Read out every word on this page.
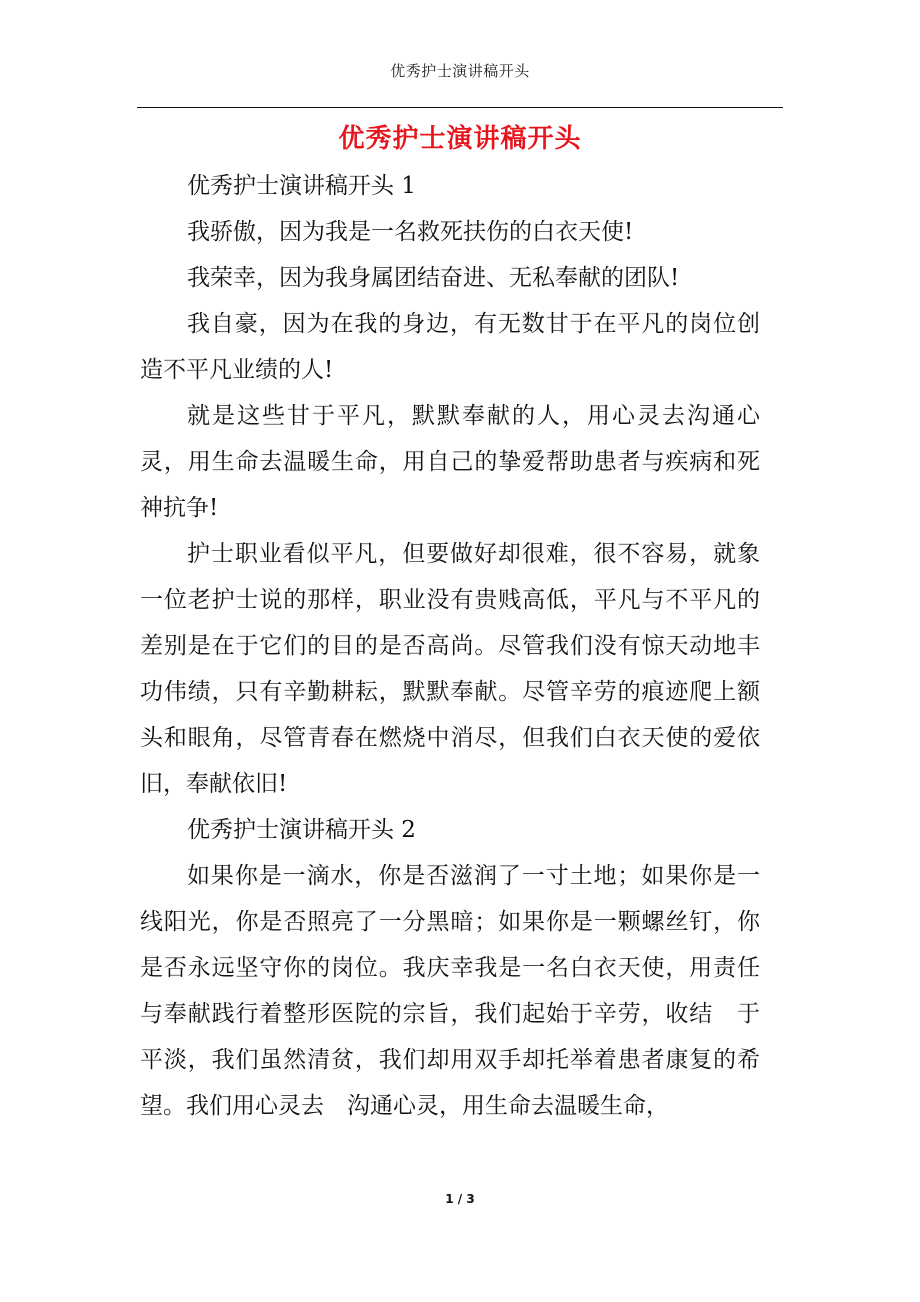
优秀护士演讲稿开头
优秀护士演讲稿开头

优秀护士演讲稿开头 1

我骄傲，因为我是一名救死扶伤的白衣天使!

我荣幸，因为我身属团结奋进、无私奉献的团队!

我自豪，因为在我的身边，有无数甘于在平凡的岗位创造不平凡业绩的人!

就是这些甘于平凡，默默奉献的人，用心灵去沟通心灵，用生命去温暖生命，用自己的挚爱帮助患者与疾病和死神抗争!

护士职业看似平凡，但要做好却很难，很不容易，就象一位老护士说的那样，职业没有贵贱高低，平凡与不平凡的差别是在于它们的目的是否高尚。尽管我们没有惊天动地丰功伟绩，只有辛勤耕耘，默默奉献。尽管辛劳的痕迹爬上额头和眼角，尽管青春在燃烧中消尽，但我们白衣天使的爱依旧，奉献依旧!

优秀护士演讲稿开头 2

如果你是一滴水，你是否滋润了一寸土地；如果你是一 线阳光，你是否照亮了一分黑暗；如果你是一颗螺丝钉，你　是否永远坚守你的岗位。我庆幸我是一名白衣天使，用责任与奉献践行着整形医院的宗旨，我们起始于辛劳，收结　于平淡，我们虽然清贫，我们却用双手却托举着患者康复的希望。我们用心灵去　沟通心灵，用生命去温暖生命，

1 / 3
